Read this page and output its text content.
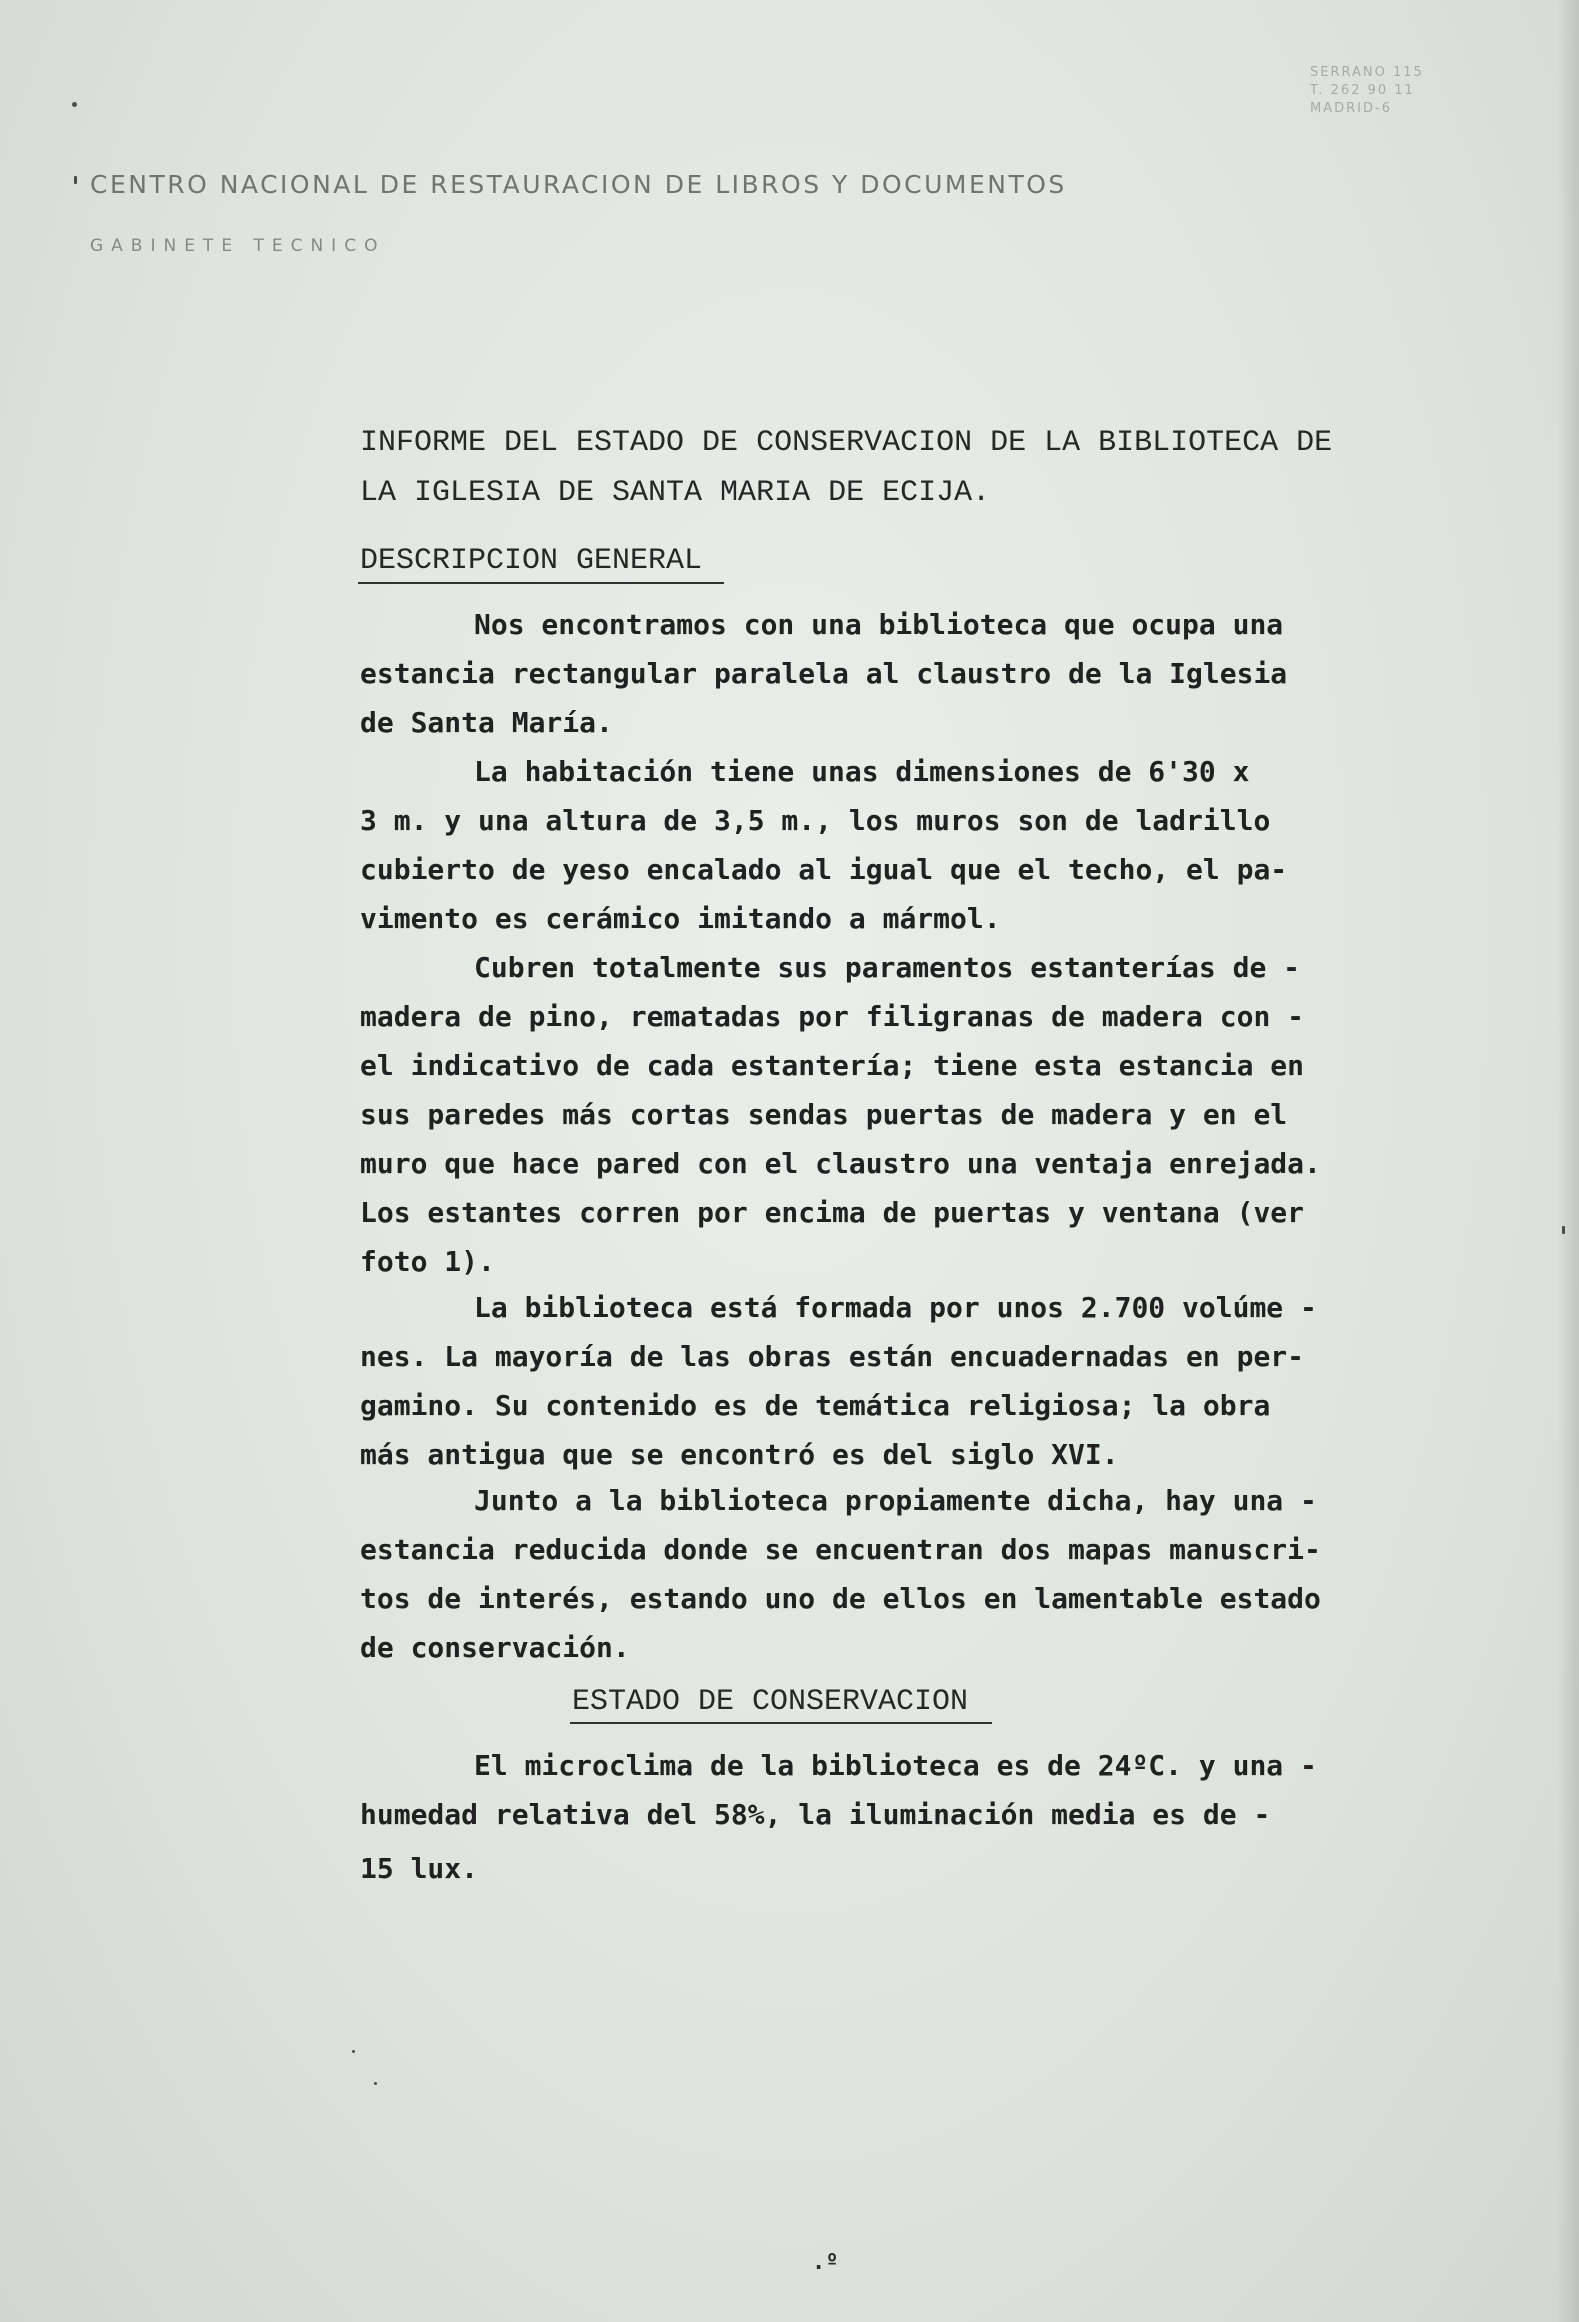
SERRANO 115
T. 262 90 11
MADRID-6
CENTRO NACIONAL DE RESTAURACION DE LIBROS Y DOCUMENTOS
GABINETE TECNICO
INFORME DEL ESTADO DE CONSERVACION DE LA BIBLIOTECA DE
LA IGLESIA DE SANTA MARIA DE ECIJA.
DESCRIPCION GENERAL
Nos encontramos con una biblioteca que ocupa una
estancia rectangular paralela al claustro de la Iglesia
de Santa María.
La habitación tiene unas dimensiones de 6'30 x
3 m. y una altura de 3,5 m., los muros son de ladrillo
cubierto de yeso encalado al igual que el techo, el pa-
vimento es cerámico imitando a mármol.
Cubren totalmente sus paramentos estanterías de -
madera de pino, rematadas por filigranas de madera con -
el indicativo de cada estantería; tiene esta estancia en
sus paredes más cortas sendas puertas de madera y en el
muro que hace pared con el claustro una ventaja enrejada.
Los estantes corren por encima de puertas y ventana (ver
foto 1).
La biblioteca está formada por unos 2.700 volúme -
nes. La mayoría de las obras están encuadernadas en per-
gamino. Su contenido es de temática religiosa; la obra
más antigua que se encontró es del siglo XVI.
Junto a la biblioteca propiamente dicha, hay una -
estancia reducida donde se encuentran dos mapas manuscri-
tos de interés, estando uno de ellos en lamentable estado
de conservación.
ESTADO DE CONSERVACION
El microclima de la biblioteca es de 24ºC. y una -
humedad relativa del 58%, la iluminación media es de -
15 lux.
.º
